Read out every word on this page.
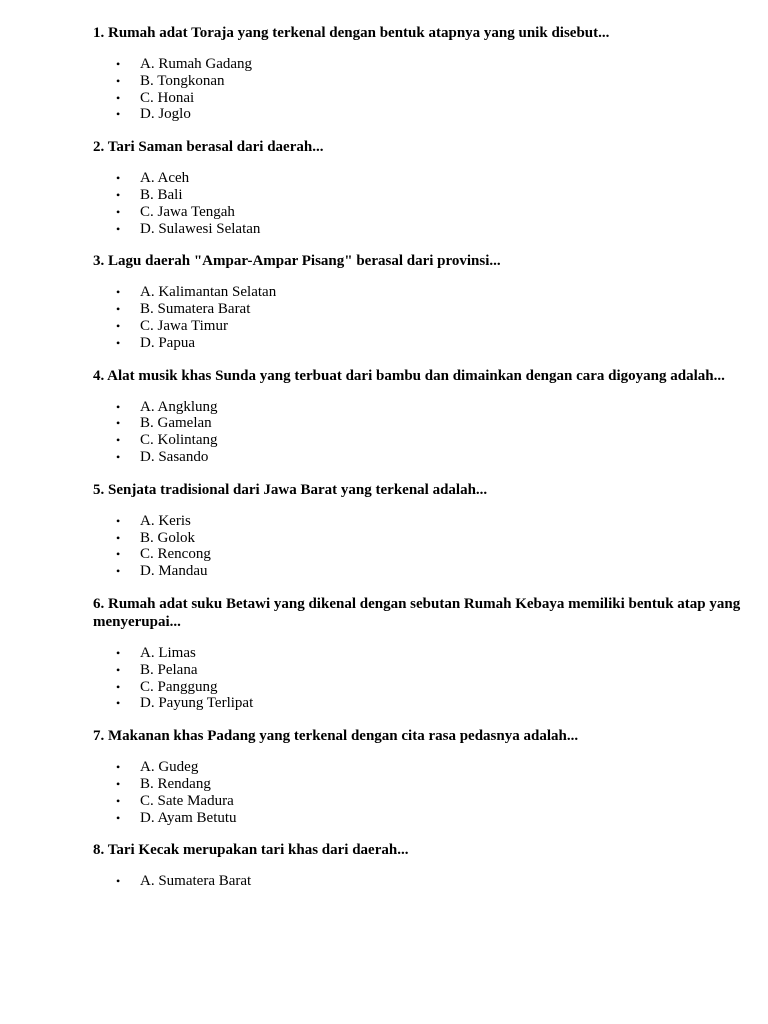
1. Rumah adat Toraja yang terkenal dengan bentuk atapnya yang unik disebut...

• A. Rumah Gadang
• B. Tongkonan
• C. Honai
• D. Joglo

2. Tari Saman berasal dari daerah...

• A. Aceh
• B. Bali
• C. Jawa Tengah
• D. Sulawesi Selatan

3. Lagu daerah "Ampar-Ampar Pisang" berasal dari provinsi...

• A. Kalimantan Selatan
• B. Sumatera Barat
• C. Jawa Timur
• D. Papua

4. Alat musik khas Sunda yang terbuat dari bambu dan dimainkan dengan cara digoyang adalah...

• A. Angklung
• B. Gamelan
• C. Kolintang
• D. Sasando

5. Senjata tradisional dari Jawa Barat yang terkenal adalah...

• A. Keris
• B. Golok
• C. Rencong
• D. Mandau

6. Rumah adat suku Betawi yang dikenal dengan sebutan Rumah Kebaya memiliki bentuk atap yang menyerupai...

• A. Limas
• B. Pelana
• C. Panggung
• D. Payung Terlipat

7. Makanan khas Padang yang terkenal dengan cita rasa pedasnya adalah...

• A. Gudeg
• B. Rendang
• C. Sate Madura
• D. Ayam Betutu

8. Tari Kecak merupakan tari khas dari daerah...

• A. Sumatera Barat
